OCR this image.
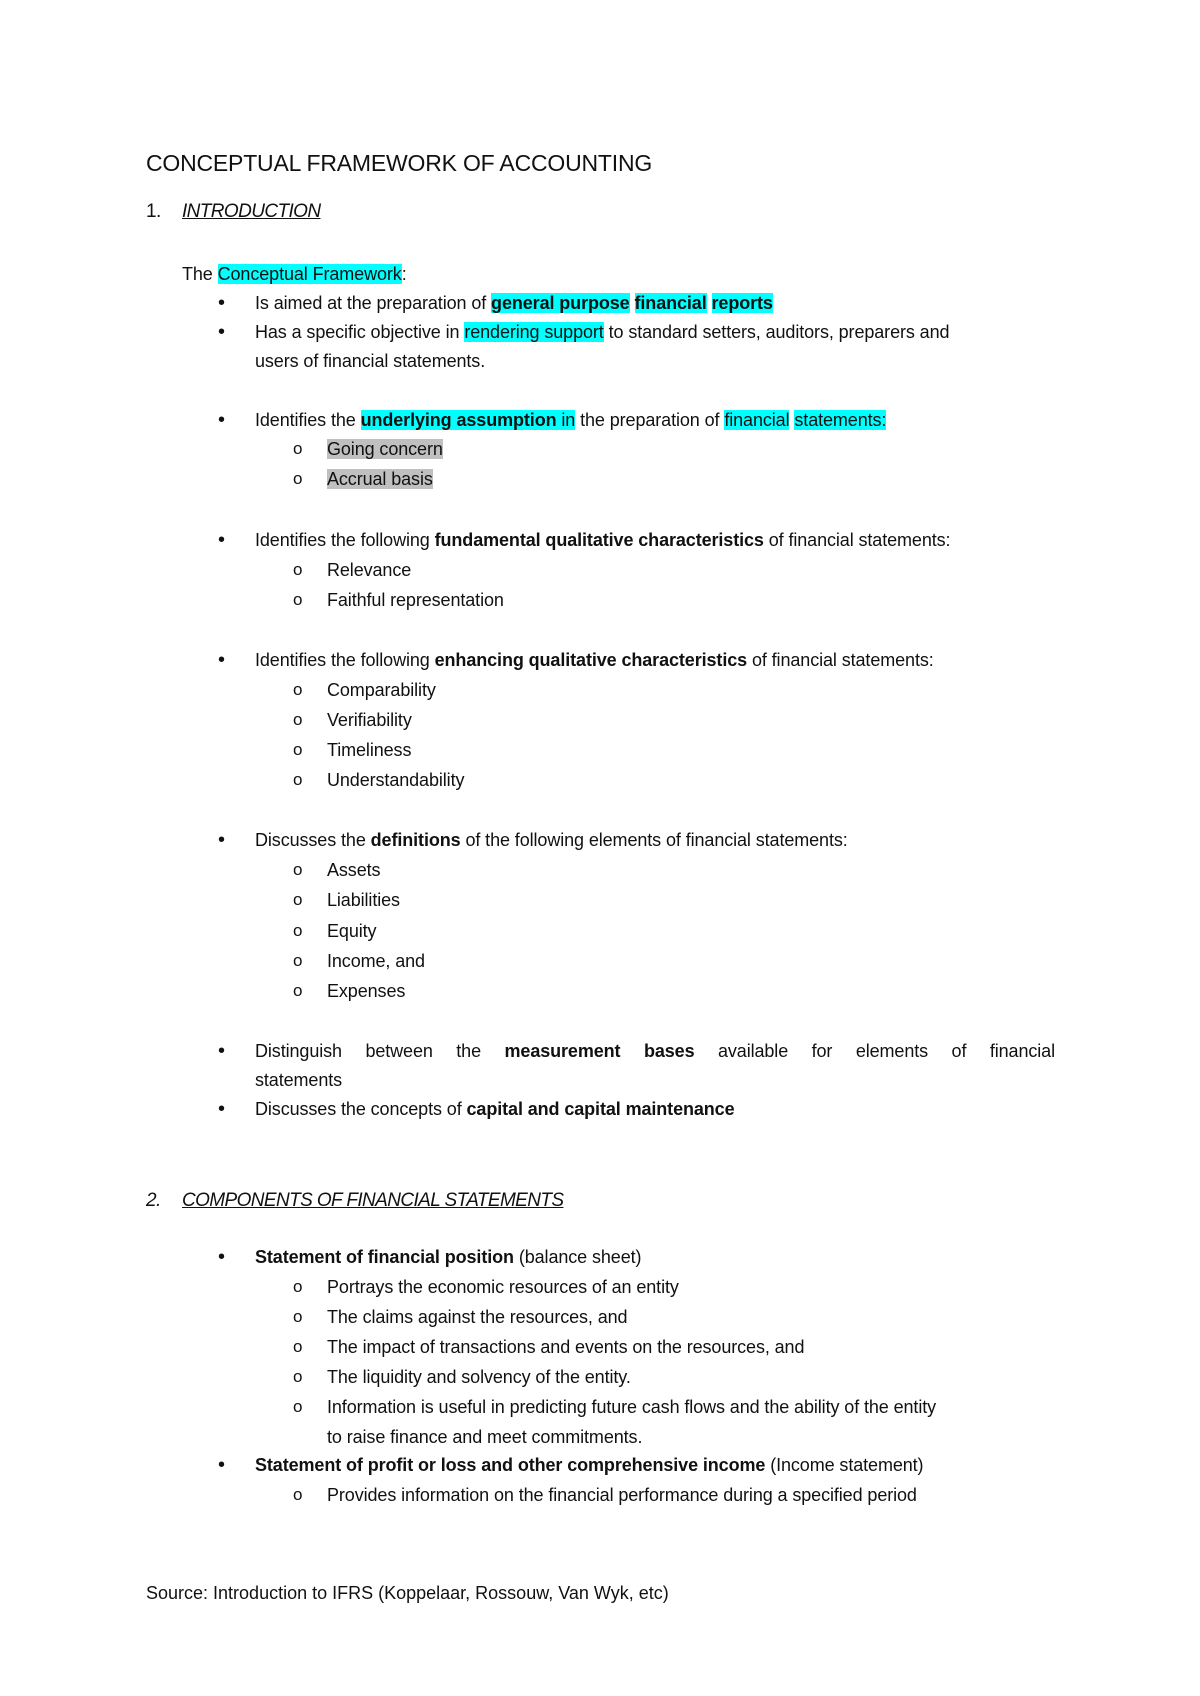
CONCEPTUAL FRAMEWORK OF ACCOUNTING
1. INTRODUCTION
The Conceptual Framework:
• Is aimed at the preparation of general purpose financial reports
• Has a specific objective in rendering support to standard setters, auditors, preparers and
users of financial statements.
• Identifies the underlying assumption in the preparation of financial statements:
o Going concern
o Accrual basis
• Identifies the following fundamental qualitative characteristics of financial statements:
o Relevance
o Faithful representation
• Identifies the following enhancing qualitative characteristics of financial statements:
o Comparability
o Verifiability
o Timeliness
o Understandability
• Discusses the definitions of the following elements of financial statements:
o Assets
o Liabilities
o Equity
o Income, and
o Expenses
• Distinguish between the measurement bases available for elements of financial
statements
• Discusses the concepts of capital and capital maintenance
2. COMPONENTS OF FINANCIAL STATEMENTS
• Statement of financial position (balance sheet)
o Portrays the economic resources of an entity
o The claims against the resources, and
o The impact of transactions and events on the resources, and
o The liquidity and solvency of the entity.
o Information is useful in predicting future cash flows and the ability of the entity
to raise finance and meet commitments.
• Statement of profit or loss and other comprehensive income (Income statement)
o Provides information on the financial performance during a specified period
Source: Introduction to IFRS (Koppelaar, Rossouw, Van Wyk, etc)
